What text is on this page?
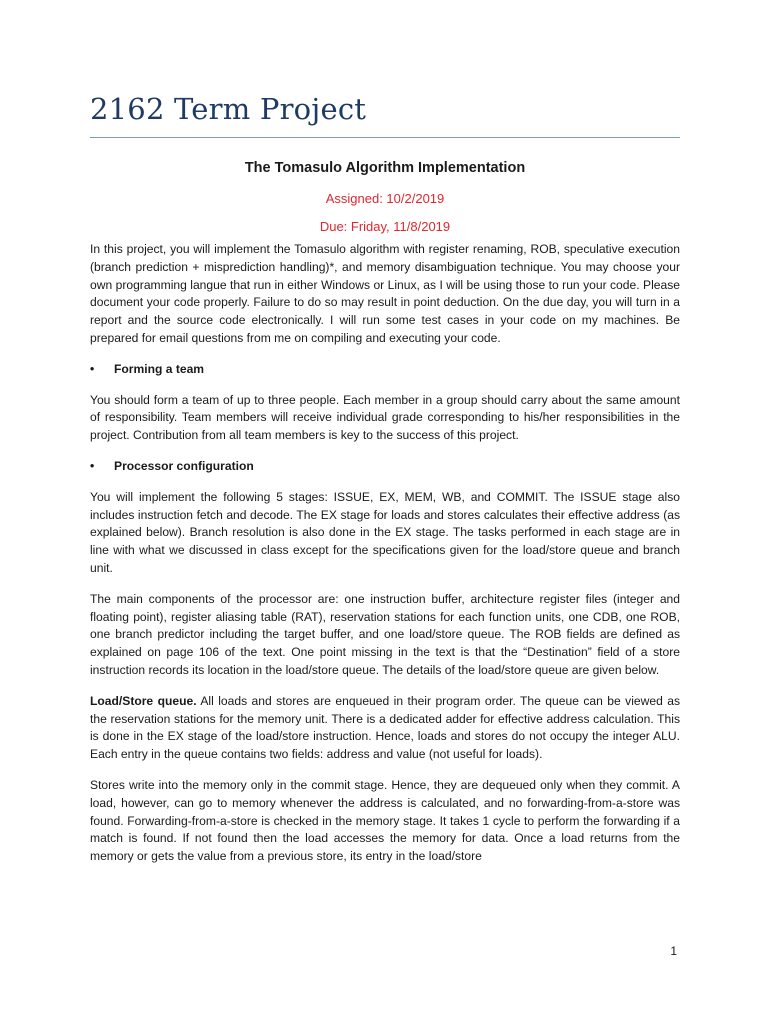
2162 Term Project
The Tomasulo Algorithm Implementation
Assigned: 10/2/2019
Due: Friday, 11/8/2019

In this project, you will implement the Tomasulo algorithm with register renaming, ROB, speculative execution (branch prediction + misprediction handling)*, and memory disambiguation technique. You may choose your own programming langue that run in either Windows or Linux, as I will be using those to run your code. Please document your code properly. Failure to do so may result in point deduction. On the due day, you will turn in a report and the source code electronically. I will run some test cases in your code on my machines. Be prepared for email questions from me on compiling and executing your code.

•	Forming a team

You should form a team of up to three people. Each member in a group should carry about the same amount of responsibility. Team members will receive individual grade corresponding to his/her responsibilities in the project. Contribution from all team members is key to the success of this project.

•	Processor configuration

You will implement the following 5 stages: ISSUE, EX, MEM, WB, and COMMIT. The ISSUE stage also includes instruction fetch and decode. The EX stage for loads and stores calculates their effective address (as explained below). Branch resolution is also done in the EX stage. The tasks performed in each stage are in line with what we discussed in class except for the specifications given for the load/store queue and branch unit.

The main components of the processor are: one instruction buffer, architecture register files (integer and floating point), register aliasing table (RAT), reservation stations for each function units, one CDB, one ROB, one branch predictor including the target buffer, and one load/store queue. The ROB fields are defined as explained on page 106 of the text. One point missing in the text is that the “Destination” field of a store instruction records its location in the load/store queue. The details of the load/store queue are given below.

Load/Store queue. All loads and stores are enqueued in their program order. The queue can be viewed as the reservation stations for the memory unit. There is a dedicated adder for effective address calculation. This is done in the EX stage of the load/store instruction. Hence, loads and stores do not occupy the integer ALU. Each entry in the queue contains two fields: address and value (not useful for loads).

Stores write into the memory only in the commit stage. Hence, they are dequeued only when they commit. A load, however, can go to memory whenever the address is calculated, and no forwarding-from-a-store was found. Forwarding-from-a-store is checked in the memory stage. It takes 1 cycle to perform the forwarding if a match is found. If not found then the load accesses the memory for data. Once a load returns from the memory or gets the value from a previous store, its entry in the load/store

1
